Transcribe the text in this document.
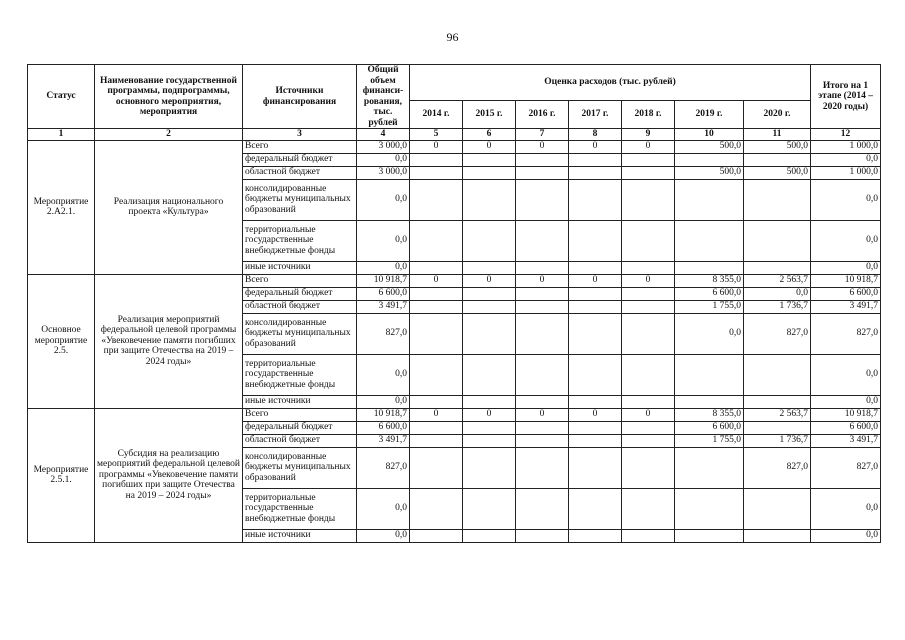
96
Статус	Наименование государственной программы, подпрограммы, основного мероприятия, мероприятия	Источники финансирования	Общий объем финанси-рования, тыс. рублей	Оценка расходов (тыс. рублей)							Итого на 1 этапе (2014 – 2020 годы)
				2014 г.	2015 г.	2016 г.	2017 г.	2018 г.	2019 г.	2020 г.	
1	2	3	4	5	6	7	8	9	10	11	12
Мероприятие 2.А2.1.	Реализация национального проекта «Культура»	Всего	3 000,0	0	0	0	0	0	500,0	500,0	1 000,0
		федеральный бюджет	0,0								0,0
		областной бюджет	3 000,0						500,0	500,0	1 000,0
		консолидированные бюджеты муниципальных образований	0,0								0,0
		территориальные государственные внебюджетные фонды	0,0								0,0
		иные источники	0,0								0,0
Основное мероприятие 2.5.	Реализация мероприятий федеральной целевой программы «Увековечение памяти погибших при защите Отечества на 2019 – 2024 годы»	Всего	10 918,7	0	0	0	0	0	8 355,0	2 563,7	10 918,7
		федеральный бюджет	6 600,0						6 600,0	0,0	6 600,0
		областной бюджет	3 491,7						1 755,0	1 736,7	3 491,7
		консолидированные бюджеты муниципальных образований	827,0						0,0	827,0	827,0
		территориальные государственные внебюджетные фонды	0,0								0,0
		иные источники	0,0								0,0
Мероприятие 2.5.1.	Субсидия на реализацию мероприятий федеральной целевой программы «Увековечение памяти погибших при защите Отечества на 2019 – 2024 годы»	Всего	10 918,7	0	0	0	0	0	8 355,0	2 563,7	10 918,7
		федеральный бюджет	6 600,0						6 600,0		6 600,0
		областной бюджет	3 491,7						1 755,0	1 736,7	3 491,7
		консолидированные бюджеты муниципальных образований	827,0							827,0	827,0
		территориальные государственные внебюджетные фонды	0,0								0,0
		иные источники	0,0								0,0
